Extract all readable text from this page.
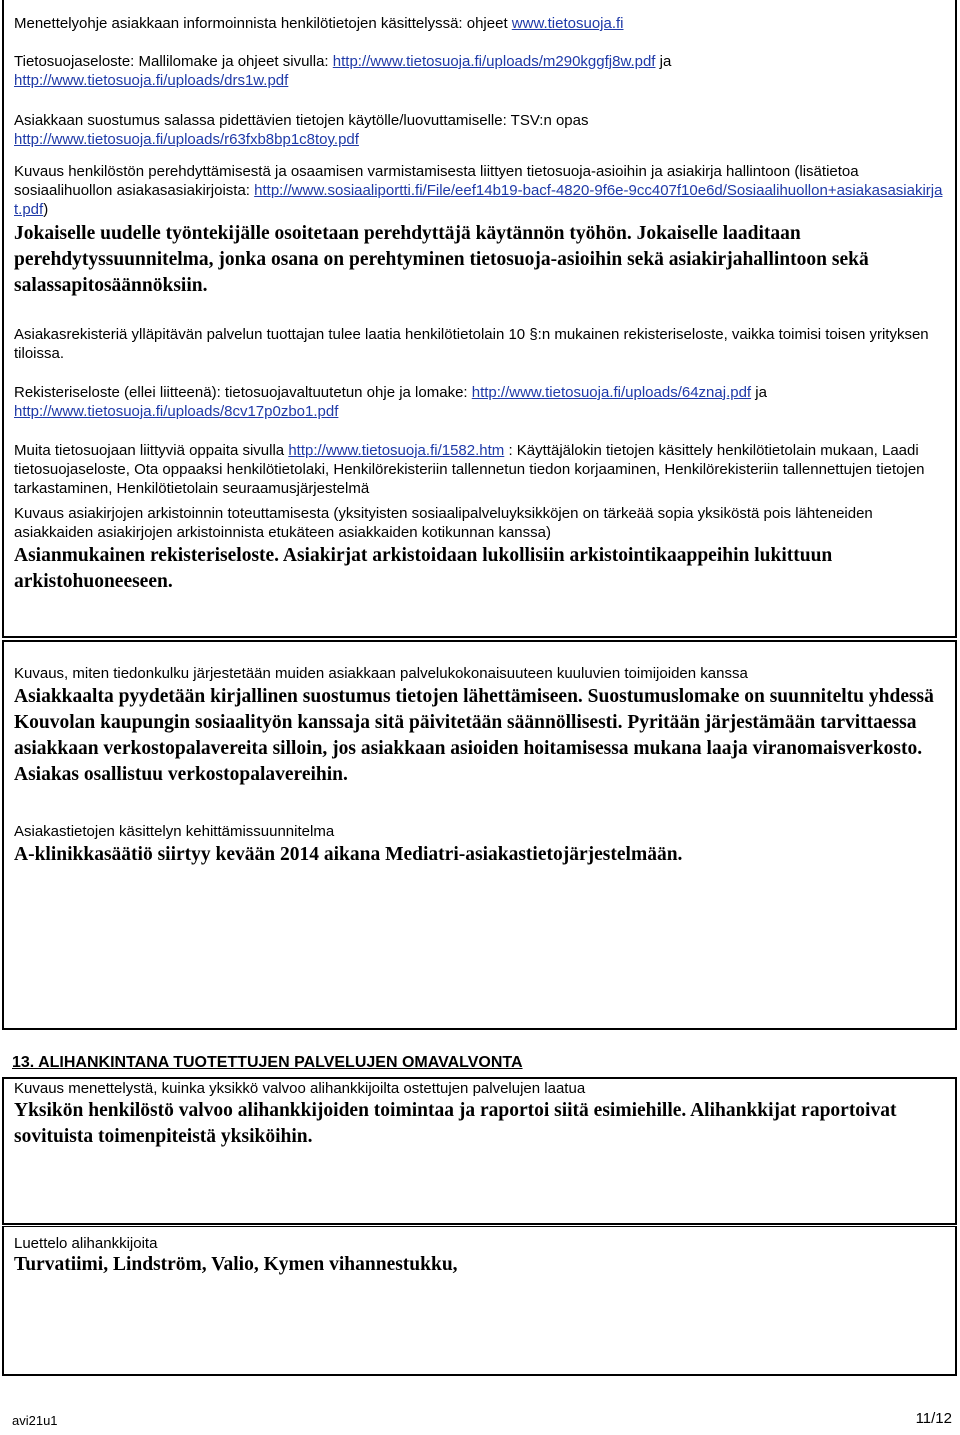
Menettelyohje asiakkaan informoinnista henkilötietojen käsittelyssä: ohjeet www.tietosuoja.fi
Tietosuojaseloste: Mallilomake ja ohjeet sivulla: http://www.tietosuoja.fi/uploads/m290kggfj8w.pdf ja http://www.tietosuoja.fi/uploads/drs1w.pdf
Asiakkaan suostumus salassa pidettävien tietojen käytölle/luovuttamiselle: TSV:n opas
http://www.tietosuoja.fi/uploads/r63fxb8bp1c8toy.pdf
Kuvaus henkilöstön perehdyttämisestä ja osaamisen varmistamisesta liittyen tietosuoja-asioihin ja asiakirja hallintoon (lisätietoa sosiaalihuollon asiakasasiakirjoista: http://www.sosiaaliportti.fi/File/eef14b19-bacf-4820-9f6e-9cc407f10e6d/Sosiaalihuollon+asiakasasiakirjat.pdf)
Jokaiselle uudelle työntekijälle osoitetaan perehdyttäjä käytännön työhön. Jokaiselle laaditaan perehdytyssuunnitelma, jonka osana on perehtyminen tietosuoja-asioihin sekä asiakirjahallintoon sekä salassapitosäännöksiin.
Asiakasrekisteriä ylläpitävän palvelun tuottajan tulee laatia henkilötietolain 10 §:n mukainen rekisteriseloste, vaikka toimisi toisen yrityksen tiloissa.
Rekisteriseloste (ellei liitteenä): tietosuojavaltuutetun ohje ja lomake: http://www.tietosuoja.fi/uploads/64znaj.pdf ja http://www.tietosuoja.fi/uploads/8cv17p0zbo1.pdf
Muita tietosuojaan liittyviä oppaita sivulla http://www.tietosuoja.fi/1582.htm : Käyttäjälokin tietojen käsittely henkilötietolain mukaan, Laadi tietosuojaseloste, Ota oppaaksi henkilötietolaki, Henkilörekisteriin tallennetun tiedon korjaaminen, Henkilörekisteriin tallennettujen tietojen tarkastaminen, Henkilötietolain seuraamusjärjestelmä
Kuvaus asiakirjojen arkistoinnin toteuttamisesta (yksityisten sosiaalipalveluyksikköjen on tärkeää sopia yksiköstä pois lähteneiden asiakkaiden asiakirjojen arkistoinnista etukäteen asiakkaiden kotikunnan kanssa)
Asianmukainen rekisteriseloste. Asiakirjat arkistoidaan lukollisiin arkistointikaappeihin lukittuun arkistohuoneeseen.
Kuvaus, miten tiedonkulku järjestetään muiden asiakkaan palvelukokonaisuuteen kuuluvien toimijoiden kanssa
Asiakkaalta pyydetään kirjallinen suostumus tietojen lähettämiseen. Suostumuslomake on suunniteltu yhdessä Kouvolan kaupungin sosiaalityön kanssaja sitä päivitetään säännöllisesti. Pyritään järjestämään tarvittaessa asiakkaan verkostopalavereita silloin, jos asiakkaan asioiden hoitamisessa mukana laaja viranomaisverkosto. Asiakas osallistuu verkostopalavereihin.
Asiakastietojen käsittelyn kehittämissuunnitelma
A-klinikkasäätiö siirtyy kevään 2014 aikana Mediatri-asiakastietojärjestelmään.
13. ALIHANKINTANA TUOTETTUJEN PALVELUJEN OMAVALVONTA
Kuvaus menettelystä, kuinka yksikkö valvoo alihankkijoilta ostettujen palvelujen laatua
Yksikön henkilöstö valvoo alihankkijoiden toimintaa ja raportoi siitä esimiehille. Alihankkijat raportoivat sovituista toimenpiteistä yksiköihin.
Luettelo alihankkijoita
Turvatiimi, Lindström, Valio, Kymen vihannestukku,
avi21u1	11/12
